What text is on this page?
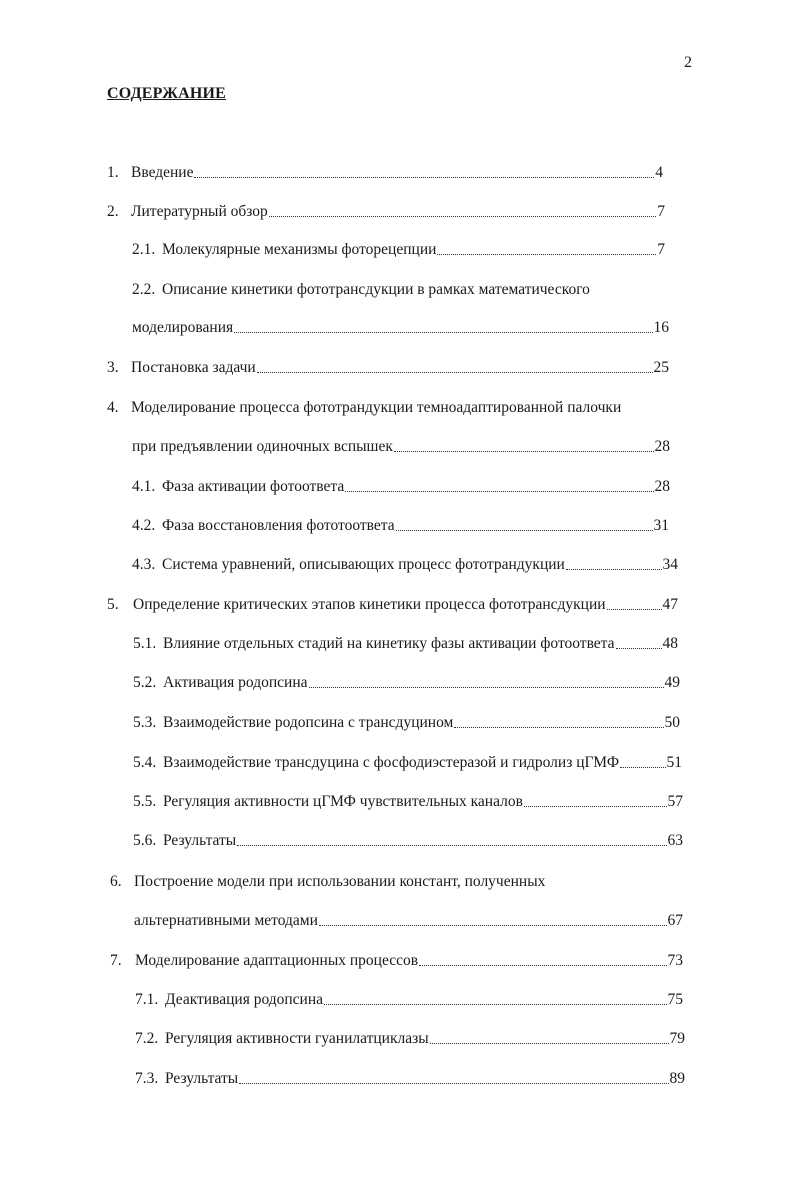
2
СОДЕРЖАНИЕ
1. Введение	4
2. Литературный обзор	7
2.1. Молекулярные механизмы фоторецепции	7
2.2. Описание кинетики фототрансдукции в рамках математического
моделирования	16
3. Постановка задачи	25
4. Моделирование процесса фототрандукции темноадаптированной палочки
при предъявлении одиночных вспышек	28
4.1. Фаза активации фотоответа	28
4.2. Фаза восстановления фототоответа	31
4.3. Система уравнений, описывающих процесс фототрандукции	34
5. Определение критических этапов кинетики процесса фототрансдукции	47
5.1. Влияние отдельных стадий на кинетику фазы активации фотоответа	48
5.2. Активация родопсина	49
5.3. Взаимодействие родопсина с трансдуцином	50
5.4. Взаимодействие трансдуцина с фосфодиэстеразой и гидролиз цГМФ	51
5.5. Регуляция активности цГМФ чувствительных каналов	57
5.6. Результаты	63
6. Построение модели при использовании констант, полученных
альтернативными методами	67
7. Моделирование адаптационных процессов	73
7.1. Деактивация родопсина	75
7.2. Регуляция активности гуанилатциклазы	79
7.3. Результаты	89
